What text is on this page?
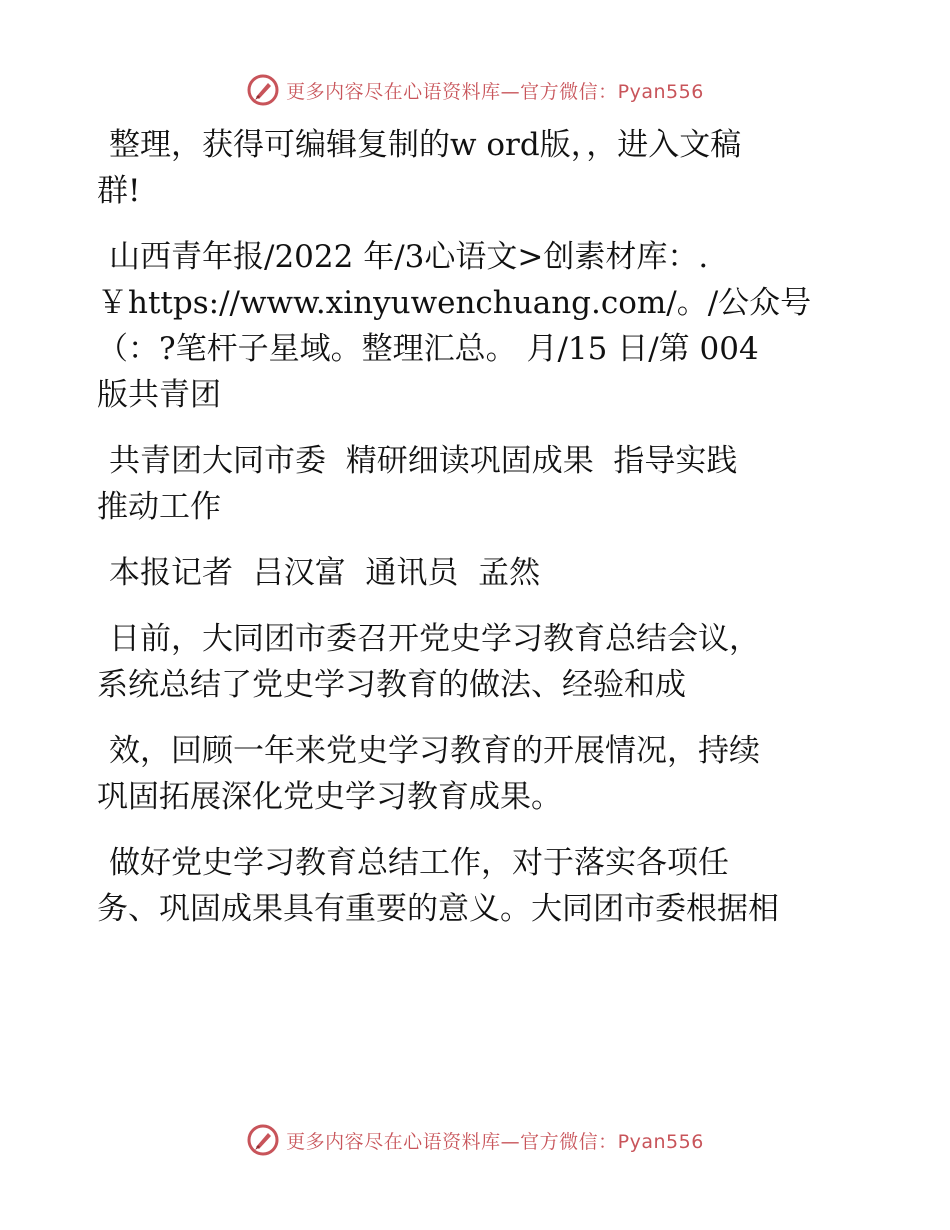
更多内容尽在心语资料库—官方微信：Pyan556

整理，获得可编辑复制的w ord版，，进入文稿
群!

山西青年报/2022 年/3心语文>创素材库：.
￥https://www.xinyuwenchuang.com/。/公众号
（：?笔杆子星域。整理汇总。 月/15 日/第 004
版共青团

共青团大同市委  精研细读巩固成果  指导实践
推动工作

本报记者  吕汉富  通讯员  孟然

日前，大同团市委召开党史学习教育总结会议，
系统总结了党史学习教育的做法、经验和成

效，回顾一年来党史学习教育的开展情况，持续
巩固拓展深化党史学习教育成果。

做好党史学习教育总结工作，对于落实各项任
务、巩固成果具有重要的意义。大同团市委根据相

更多内容尽在心语资料库—官方微信：Pyan556
